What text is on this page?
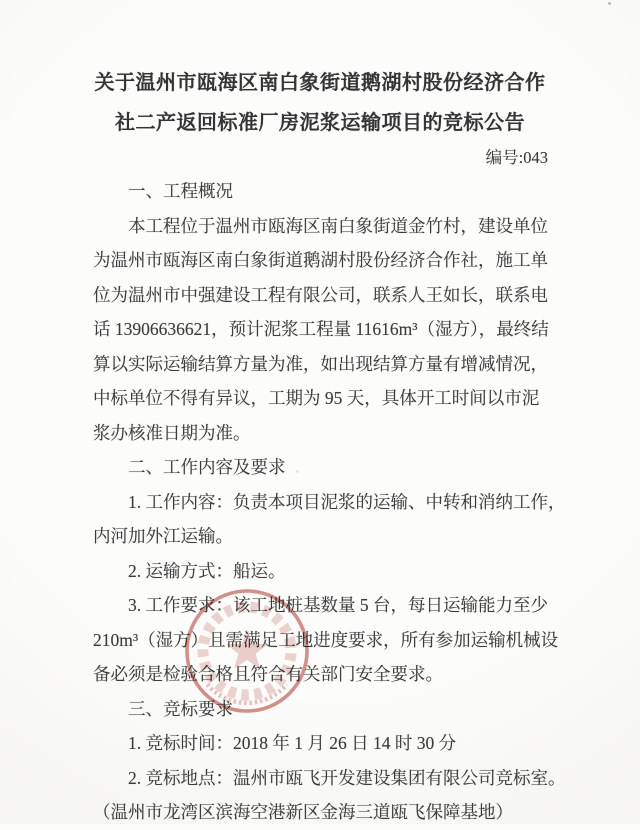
关于温州市瓯海区南白象街道鹅湖村股份经济合作
社二产返回标准厂房泥浆运输项目的竞标公告
编号:043
一、工程概况
本工程位于温州市瓯海区南白象街道金竹村，建设单位
为温州市瓯海区南白象街道鹅湖村股份经济合作社，施工单
位为温州市中强建设工程有限公司，联系人王如长，联系电
话 13906636621，预计泥浆工程量 11616m³（湿方），最终结
算以实际运输结算方量为准，如出现结算方量有增减情况，
中标单位不得有异议，工期为 95 天，具体开工时间以市泥
浆办核准日期为准。
二、工作内容及要求
1. 工作内容：负责本项目泥浆的运输、中转和消纳工作，
内河加外江运输。
2. 运输方式：船运。
3. 工作要求：该工地桩基数量 5 台，每日运输能力至少
210m³（湿方）且需满足工地进度要求，所有参加运输机械设
备必须是检验合格且符合有关部门安全要求。
三、竞标要求
1. 竞标时间：2018 年 1 月 26 日 14 时 30 分
2. 竞标地点：温州市瓯飞开发建设集团有限公司竞标室。
（温州市龙湾区滨海空港新区金海三道瓯飞保障基地）
